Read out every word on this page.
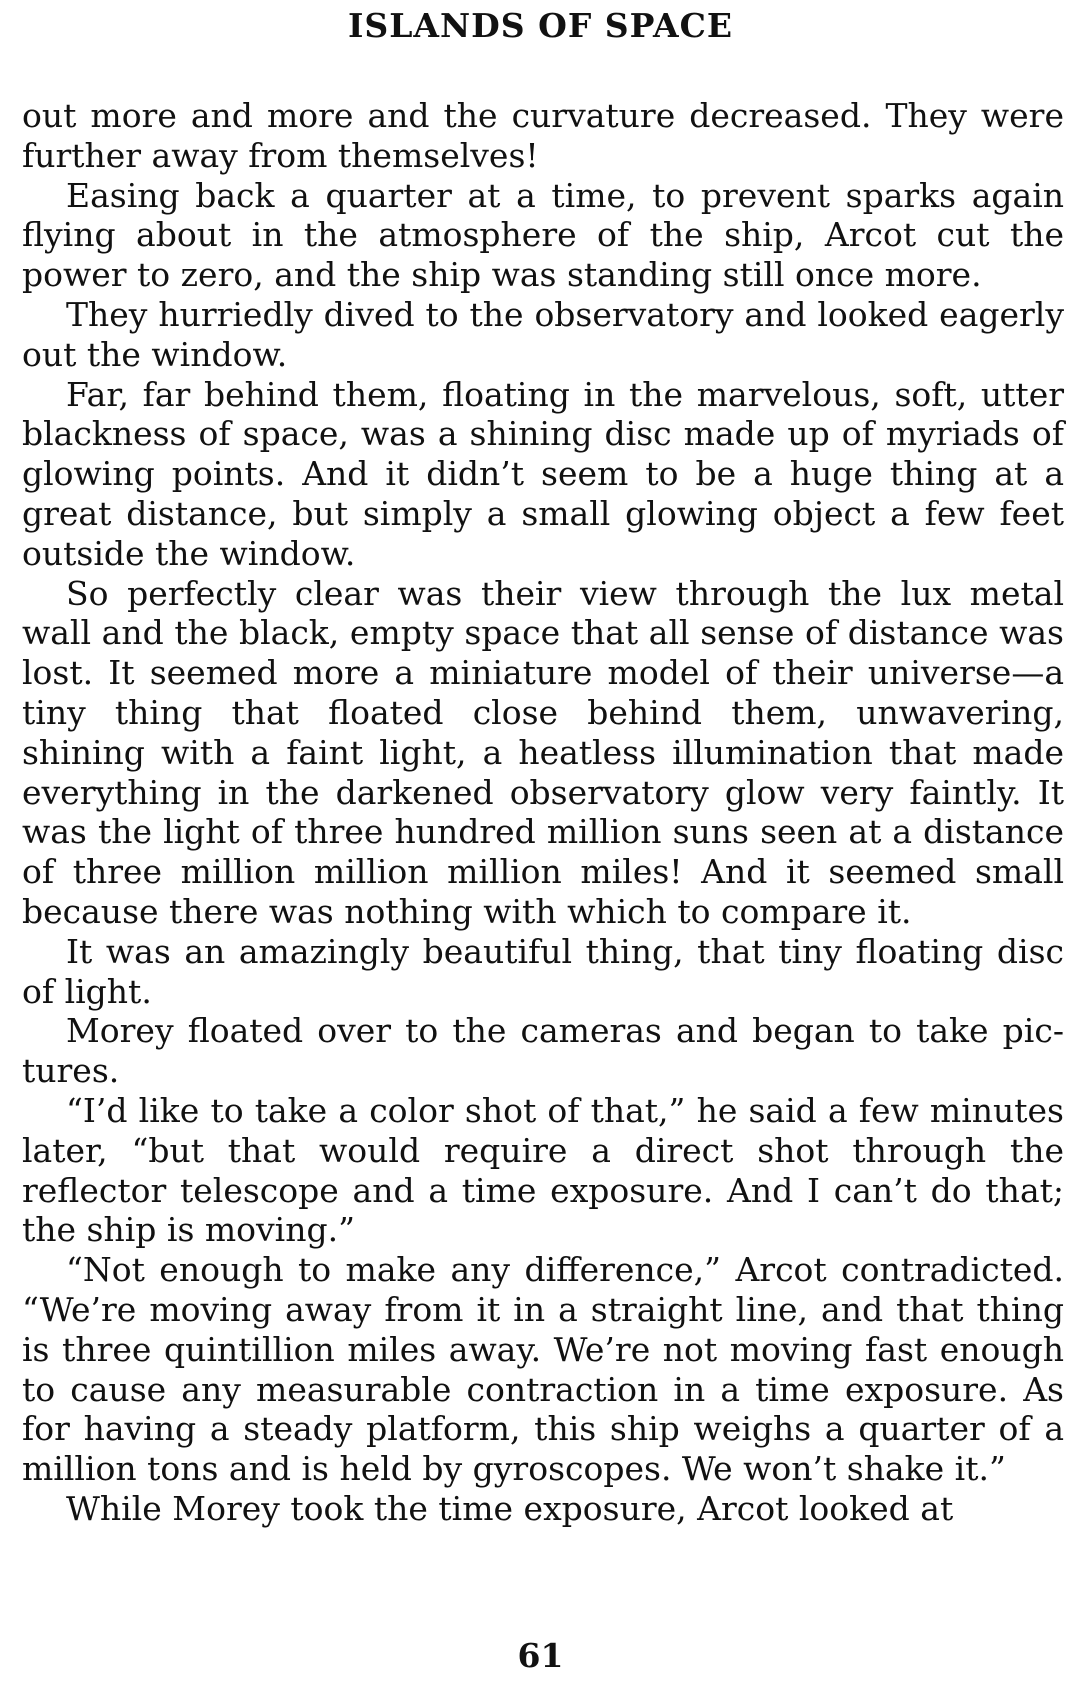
ISLANDS OF SPACE

out more and more and the curvature decreased. They were further away from themselves!

Easing back a quarter at a time, to prevent sparks again flying about in the atmosphere of the ship, Arcot cut the power to zero, and the ship was standing still once more.

They hurriedly dived to the observatory and looked eagerly out the window.

Far, far behind them, floating in the marvelous, soft, utter blackness of space, was a shining disc made up of myriads of glowing points. And it didn’t seem to be a huge thing at a great distance, but simply a small glowing object a few feet outside the window.

So perfectly clear was their view through the lux metal wall and the black, empty space that all sense of distance was lost. It seemed more a miniature model of their universe—a tiny thing that floated close behind them, unwavering, shining with a faint light, a heatless illumination that made everything in the darkened observatory glow very faintly. It was the light of three hundred million suns seen at a distance of three million million million miles! And it seemed small because there was nothing with which to compare it.

It was an amazingly beautiful thing, that tiny floating disc of light.

Morey floated over to the cameras and began to take pictures.

“I’d like to take a color shot of that,” he said a few minutes later, “but that would require a direct shot through the reflector telescope and a time exposure. And I can’t do that; the ship is moving.”

“Not enough to make any difference,” Arcot contradicted. “We’re moving away from it in a straight line, and that thing is three quintillion miles away. We’re not moving fast enough to cause any measurable contraction in a time exposure. As for having a steady platform, this ship weighs a quarter of a million tons and is held by gyroscopes. We won’t shake it.”

While Morey took the time exposure, Arcot looked at

61
